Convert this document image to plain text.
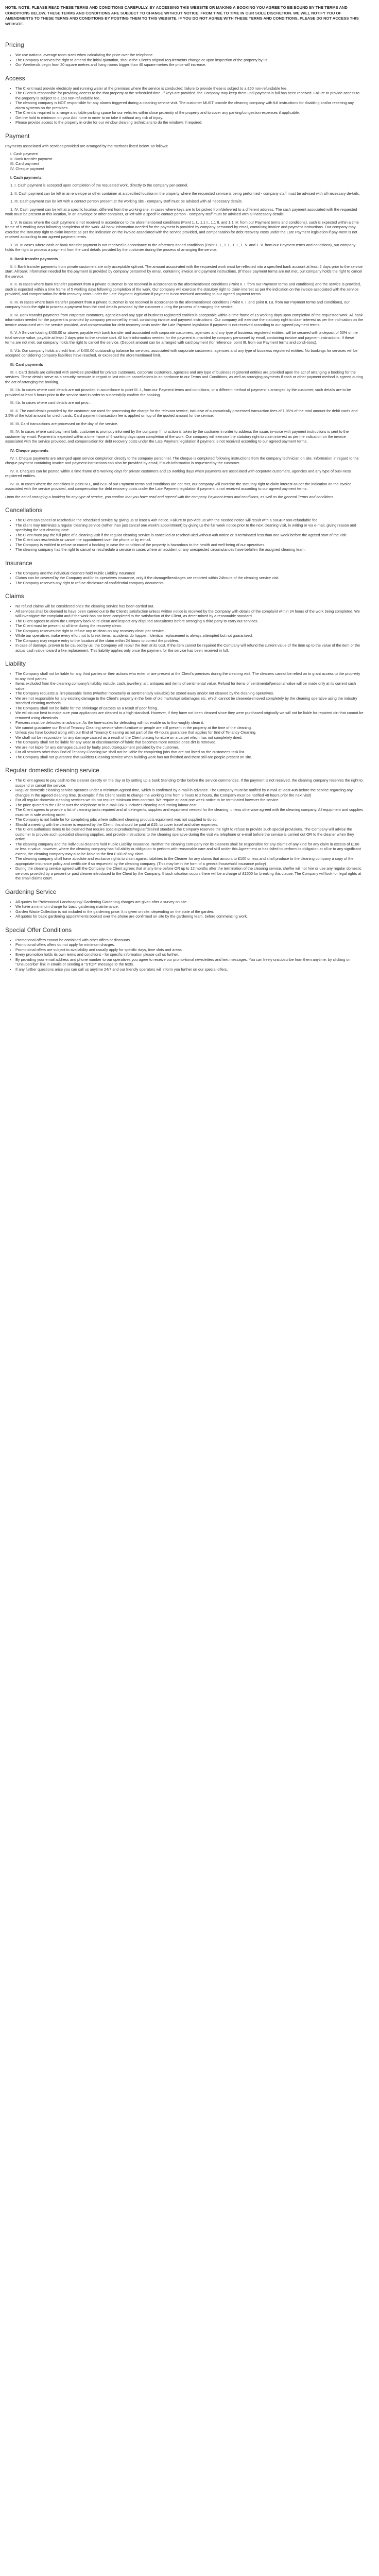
NOTE: NOTE: PLEASE READ THESE TERMS AND CONDITIONS CAREFULLY. BY ACCESSING THIS WEBSITE OR MAKING A BOOKING YOU AGREE TO BE BOUND BY THE TERMS AND CONDITIONS BELOW. THESE TERMS AND CONDITIONS ARE SUBJECT TO CHANGE WITHOUT NOTICE, FROM TIME TO TIME IN OUR SOLE DISCRETION. WE WILL NOTIFY YOU OF AMENDMENTS TO THESE TERMS AND CONDITIONS BY POSTING THEM TO THIS WEBSITE. IF YOU DO NOT AGREE WITH THESE TERMS AND CONDITIONS, PLEASE DO NOT ACCESS THIS WEBSITE.

Pricing
• We use national average room sizes when calculating the price over the telephone.
• The Company reserves the right to amend the initial quotation, should the Client's original requirements change or upon inspection of the property by us.
• Our Weekends begin from 20 square metres and living rooms bigger than 40 square metres the price will increase.
Access
• The Client must provide electricity and running water at the premises where the service is conducted; failure to provide these is subject to a £50 non-refundable fee.
• The Client is responsible for providing access to the that property at the scheduled time. If keys are provided, the Company may keep them until payment in full has been received. Failure to provide access to the property is subject to a £50 non-refundable fee.
• The cleaning company is NOT responsible for any alarms triggered during a cleaning service visit. The customer MUST provide the cleaning company with full instructions for disabling and/or resetting any alarm systems on the premises.
• The Client is required to arrange a suitable parking space for our vehicles within close proximity of the property and to cover any parking/congestion expenses if applicable.
• Get the hold to minimum on your Add none in order to on take it without any risk of injury.
• Please provide access to the property in order for our window cleaning technicians to do the windows if required.
Payment

Payments associated with services provided are arranged by the methods listed below, as follows:

I. Cash payment
II. Bank transfer payment
III. Card payment
IV. Cheque payment
I. Cash payments

1. I. Cash payment is accepted upon completion of the requested work, directly to the company per-sonnel.

1. II. Cash payment can be left in an envelope or other container at a specified location in the property where the requested service is being performed - company staff must be advised with all necessary de-tails.

1. III. Cash payment can be left with a contact person present at the working site - company staff must be advised with all necessary details.

1. IV. Cash payment can be left at a specific location, different from the working site, in cases where keys are to be picked from/delivered to a different address. The cash payment associated with the requested work must be present at this location, in an envelope or other container, or left with a specif-ic contact person - company staff must be advised with all necessary details.

1. V. In cases where the cash payment is not received in accordance to the aforementioned conditions (Point 1. I., 1.1 I., 1.1 II. and 1.1 IV. from our Payment terms and conditions), such is expected within a time frame of 5 working days following completion of the work. All bank information needed for the payment is provided by company personnel by email, containing invoice and payment instructions. Our company may exercise the statutory right to claim interest as per the indication on the invoice associated with the service provided, and compensation for debt recovery costs under the Late Payment legislation if pay-ment is not received according to our agreed payment terms.

1. VI. In cases where cash or bank transfer payment is not received in accordance to the aforemen-tioned conditions (Point 1. I., 1. I., 1. I., 1. V. and 1. V. from our Payment terms and conditions), our company holds the right to process a payment from the card details provided by the customer during the process of arranging the service.

II. Bank transfer payments

II. I. Bank transfer payments from private customers are only acceptable upfront. The amount associ-ated with the requested work must be reflected into a specified bank account at least 2 days prior to the service start. All bank information needed for the payment is provided by company personnel by email, containing invoice and payment instructions. (If these payment terms are not met, our company holds the right to cancel the service.

II. II. In cases where bank transfer payment from a private customer is not received in accordance to the aforementioned conditions (Point II. I. from our Payment terms and conditions) and the service is provided, such is expected within a time frame of 5 working days following completion of the work. Our company will exercise the statutory right to claim interest as per the indication on the invoice associated with the service provided, and compensation for debt recovery costs under the Late Payment legislation if payment is not received according to our agreed payment terms.

II. III. In cases where bank transfer payment from a private customer is not received in accordance to the aforementioned conditions (Point II. I. and point II. I.a. from our Payment terms and conditions), our company holds the right to process a payment from the card details provided by the customer during the process of arranging the service.

II. IV. Bank transfer payments from corporate customers, agencies and any type of business registered entities is acceptable within a time frame of 15 working days upon completion of the requested work. All bank information needed for the payment is provided by company personnel by email, containing invoice and payment instructions. Our company will exercise the statutory right to claim interest as per the indi-cation on the invoice associated with the service provided, and compensation for debt recovery costs under the Late Payment legislation if payment is not received according to our agreed payment terms.

II. V. A Service totaling £400.00 or above, payable with bank transfer and associated with corporate customers, agencies and any type of business registered entities, will be secured with a deposit of 50% of the total service value, payable at least 2 days prior to the service start. All bank information needed for the payment is provided by company personnel by email, containing invoice and payment instructions. If these terms are not met, our company holds the right to cancel the service. (Deposit amount can be arranged with card payment (for reference, point III. from our Payment terms and condi-tions).

II. V.b. Our company holds a credit limit of £400.00 outstanding balance for services, associated with corporate customers, agencies and any type of business registered entities. No bookings for services will be accepted considering company liabilities have reached, or exceeded the aforementioned limit.

III. Card payments

III. I. Card details are collected with services provided for private customers, corporate customers, agencies and any type of business registered entities are provided upon the act of arranging a booking for the services. These details serve as a security measure in regard to last minute cancellations in ac-cordance to our Terms and Conditions, as well as arranging payments if cash or other payment method is agreed during the act of arranging the booking.

III. I.b. In cases where card details are not provided in accordance to point III. I., from our Payment terms and conditions, or a different method of payment is arranged by the customer, such details are to be provided at least 5 hours prior to the service start in order to successfully confirm the booking.

III. I.b. In cases where card details are not prov...

III. II. The card details provided by the customer are used for processing the charge for the relevant service, inclusive of automatically processed transaction fees of 1.95% of the total amount for debit cards and 2.5% of the total amount for credit cards. Card payment transaction fee is applied on top of the quoted amount for the service.

III. III. Card transactions are processed on the day of the service.

III. IV. In cases where card payment fails, customer is promptly informed by the company. If no action is taken by the customer in order to address the issue, in-voice with payment instructions is sent to the customer by email. Payment is expected within a time frame of 5 working days upon completion of the work. Our company will exercise the statutory right to claim interest as per the indication on the invoice associated with the service provided, and compensation for debt recovery costs under the Late Payment legislation if payment is not received according to our agreed payment terms.

IV. Cheque payments

IV. I. Cheque payments are arranged upon service completion directly to the company personnel. The cheque is completed following instructions from the company technician on site. Information in regard to the cheque payment containing invoice and payment instructions can also be provided by email, if such information is requested by the customer.

IV. II. Cheques can be posted within a time frame of 5 working days for private customers and 15 working days when payments are associated with corporate customers, agencies and any type of busi-ness registered entities.

IV. III. In cases where the conditions in point IV.I., and IV.II. of our Payment terms and conditions are not met, our company will exercise the statutory right to claim interest as per the indication on the invoice associated with the service provided, and compensation for debt recovery costs under the Late Payment legislation if payment is not received according to our agreed payment terms.

Upon the act of arranging a booking for any type of service, you confirm that you have read and agreed with the company Payment terms and conditions, as well as the general Terms and conditions.

Cancellations
• The Client can cancel or reschedule the scheduled service by giving us at least a 48h notice. Failure to pro-vide us with the needed notice will result with a 50GBP non-refundable fee.
• The client may terminate a regular cleaning service (rather than just cancel one week's appointment) by giving us the full week notice prior to the next cleaning visit, in writing or via e-mail, giving reason and specifying the last cleaning date.
• The Client must pay the full price of a cleaning visit if the regular cleaning service is cancelled or resched-uled without 48h notice or is terminated less than one week before the agreed start of the visit.
• The Client can reschedule or cancel the appointment over the phone or by e-mail.
• The Company is entitled to refuse or cancel a booking in case the condition of the property is hazardous to the health and well-being of our operatives.
• The cleaning company has the right to cancel or reschedule a service in cases where an accident or any unexpected circumstances have befallen the assigned cleaning team.
Insurance
• The Company and the individual cleaners hold Public Liability Insurance
• Claims can be covered by the Company and/or its operatives insurance, only if the damage/breakages are reported within 24hours of the cleaning service visit.
• The Company reserves any right to refuse disclosure of confidential company documents.
Claims
• No refund claims will be considered once the cleaning service has been carried out.
• All services shall be deemed to have been carried out to the Client's satisfaction unless written notice is received by the Company with details of the complaint within 24 hours of the work being completed. We will investigate the complaint and if the work has not been completed to the satisfaction of the Client, as deter-mined by a reasonable standard.
• The Client agrees to allow the Company back to re-clean and inspect any disputed areas/items before arranging a third party to carry out services.
• The Client must be present at all time during the recovery clean.
• The Company reserves the right to refuse any re-clean on any recovery clean per service.
• While our operatives make every effort not to break items, accidents do happen. Identical replacement is always attempted but not guaranteed.
• The Company may require entry to the location of the claim within 24 hours to correct the problem.
• In case of damage, proven to be caused by us, the Company will repair the item at its cost. If the item cannot be repaired the Company will refund the current value of the item up to the value of the item or the actual cash value toward a like replacement. This liability applies only once the payment for the service has been received in full.
Liability
• The Company shall not be liable for any third parties or their actions who enter or are present at the Client's premises during the cleaning visit. The cleaners cannot be relied on to grant access to the prop-erty to any third parties.
• Items excluded from the cleaning company's liability include: cash, jewellery, art, antiques and items of sentimental value. Refund for items of sentimental/personal value will be made only at its current cash value.
• The Company requests all irreplaceable items (whether monetarily or sentimentally valuable) be stored away and/or not cleaned by the cleaning operatives.
• We are not responsible for any existing damage to the Client's property in the form of old marks/spills/damages etc. which cannot be cleaned/removed completely by the cleaning operative using the industry standard cleaning methods.
• The Company shall not be liable for the shrinkage of carpets as a result of poor fitting.
• We will do our best to make sure your appliances are cleaned to a high standard. However, if they have not been cleaned since they were purchased originally we will not be liable for repaired dirt that cannot be removed using chemicals.
• Freezers must be defrosted in advance. As the time-scales for defrosting will not enable us to thor-oughly clean it.
• We cannot guarantee our End of Tenancy Cleaning service when furniture or people are still present in the property at the time of the cleaning.
• Unless you have booked along with our End of Tenancy Cleaning as not part of the 48-hours guarantee that applies for End of Tenancy Cleaning.
• We shall not be responsible for any damage caused as a result of the Client placing furniture on a carpet which has not completely dried.
• The Company shall not be liable for any wear or discolouration of fabric that becomes more notable once dirt is removed.
• We are not liable for any damages caused by faulty products/equipment provided by the customer.
• For all services other than End of Tenancy Cleaning we shall not be liable for completing jobs that are not listed on the customer's task list.
• The Company shall not guarantee that Builders Cleaning service when building work has not finished and there still are people present on site.
Regular domestic cleaning service
• The Client agrees to pay cash to the cleaner directly on the day or by setting up a bank Standing Order before the service commences. If the payment is not received, the cleaning company reserves the right to suspend or cancel the service.
• Regular domestic cleaning service operates under a minimum agreed time, which is confirmed by e-mail in advance. The Company must be notified by e-mail at least 48h before the service regarding any changes in the agreed cleaning time. (Example: if the Client needs to change the working time from 3 hours to 2 hours, the Company must be notified 48 hours prior the next visit)
• For all regular domestic cleaning services we do not require minimum term contract. We require at least one week notice to be terminated however the service.
• The price quoted to the Client over the telephone or in e-mail ONLY includes cleaning and ironing labour cost.
• The Client agrees to provide a list of cleaning tasks required and all detergents, supplies and equipment needed for the cleaning, unless otherwise agreed with the cleaning company. All equipment and supplies must be in safe working order.
• The Company is not liable for for completing jobs where sufficient cleaning products equipment was not supplied to do so.
• Should a meeting with the cleaner is required by the Client, this should be paid at £15, to cover travel and other expenses.
• The Client authorises items to be cleaned that require special products/regular/desired standard. the Company reserves the right to refuse to provide such special provisions. The Company will advise the customer to provide such specialist cleaning supplies, and provide instructions to the cleaning operative during the visit via telephone or e-mail before the service is carried out OR to the cleaner when they arrive.
• The cleaning company and the individual cleaners hold Public Liability Insurance. Neither the cleaning com-pany nor its cleaners shall be responsible for any claims of any kind for any claim in excess of £100 or less in value, however, where the cleaning company has full ability or obligation to perform with reasonable care and skill under this Agreement or has failed to perform its obligation at all or to any significant extent, the cleaning company may also be liable to the first £100 of any claim.
• The cleaning company shall have absolute and exclusive rights to claim against liabilities to the Cleaner for any claims that amount to £100 or less and shall produce to the cleaning company a copy of the appropriate insurance policy and certificate if so requested by the cleaning company. (This may be in the form of a general household insurance policy)
• During the cleaning service agreed with the Company, the Client agrees that at any time before OR up to 12 months after the termination of the cleaning service, she/he will not hire or use any regular domestic services provided by a present or past cleaner introduced to the Client by the Company. If such situation occurs there will be a charge of £1500 for breaking this clause. The Company will look for legal rights at the small claims court.
Gardening Service
• All quotes for Professional Landscaping/ Gardening Gardening charges are given after a survey on site.
• We have a minimum charge for basic gardening maintenance.
• Garden Waste Collection is not included in the gardening price. It is given on site, depending on the state of the garden.
• All quotes for basic gardening appointments booked over the phone are confirmed on site by the gardening team, before commencing work.
Special Offer Conditions
• Promotional offers cannot be combined with other offers or discounts.
• Promotional offers offers do not apply for minimum charges.
• Promotional offers are subject to availability and usually apply for specific days, time slots and areas.
• Every promotion holds its own terms and conditions - for specific information please call us further.
• By providing your email address and phone number to our operatives you agree to receive our promo-tional newsletters and text messages. You can freely unsubscribe from them anytime, by clicking on "Unsubscribe" link in emails or sending a "STOP" message to the texts.
• If any further questions arise you can call us anytime 24/7 and our friendly operators will inform you further on our special offers.
